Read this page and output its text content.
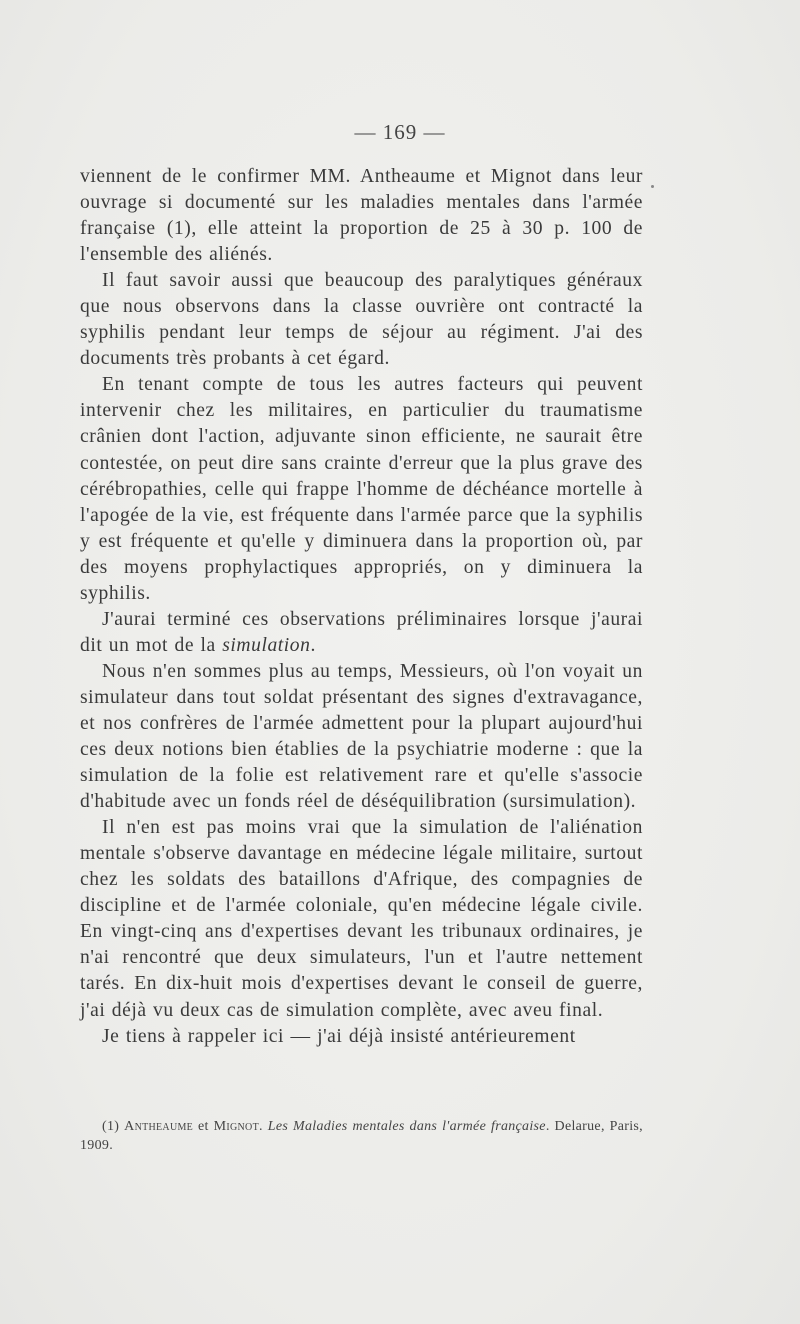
— 169 —

viennent de le confirmer MM. Antheaume et Mignot dans leur ouvrage si documenté sur les maladies mentales dans l'armée française (1), elle atteint la proportion de 25 à 30 p. 100 de l'ensemble des aliénés.

Il faut savoir aussi que beaucoup des paralytiques généraux que nous observons dans la classe ouvrière ont contracté la syphilis pendant leur temps de séjour au régiment. J'ai des documents très probants à cet égard.

En tenant compte de tous les autres facteurs qui peuvent intervenir chez les militaires, en particulier du traumatisme crânien dont l'action, adjuvante sinon efficiente, ne saurait être contestée, on peut dire sans crainte d'erreur que la plus grave des cérébropathies, celle qui frappe l'homme de déchéance mortelle à l'apogée de la vie, est fréquente dans l'armée parce que la syphilis y est fréquente et qu'elle y diminuera dans la proportion où, par des moyens prophylactiques appropriés, on y diminuera la syphilis.

J'aurai terminé ces observations préliminaires lorsque j'aurai dit un mot de la simulation.

Nous n'en sommes plus au temps, Messieurs, où l'on voyait un simulateur dans tout soldat présentant des signes d'extravagance, et nos confrères de l'armée admettent pour la plupart aujourd'hui ces deux notions bien établies de la psychiatrie moderne : que la simulation de la folie est relativement rare et qu'elle s'associe d'habitude avec un fonds réel de déséquilibration (sursimulation).

Il n'en est pas moins vrai que la simulation de l'aliénation mentale s'observe davantage en médecine légale militaire, surtout chez les soldats des bataillons d'Afrique, des compagnies de discipline et de l'armée coloniale, qu'en médecine légale civile. En vingt-cinq ans d'expertises devant les tribunaux ordinaires, je n'ai rencontré que deux simulateurs, l'un et l'autre nettement tarés. En dix-huit mois d'expertises devant le conseil de guerre, j'ai déjà vu deux cas de simulation complète, avec aveu final.

Je tiens à rappeler ici — j'ai déjà insisté antérieurement

(1) Antheaume et Mignot. Les Maladies mentales dans l'armée française. Delarue, Paris, 1909.
